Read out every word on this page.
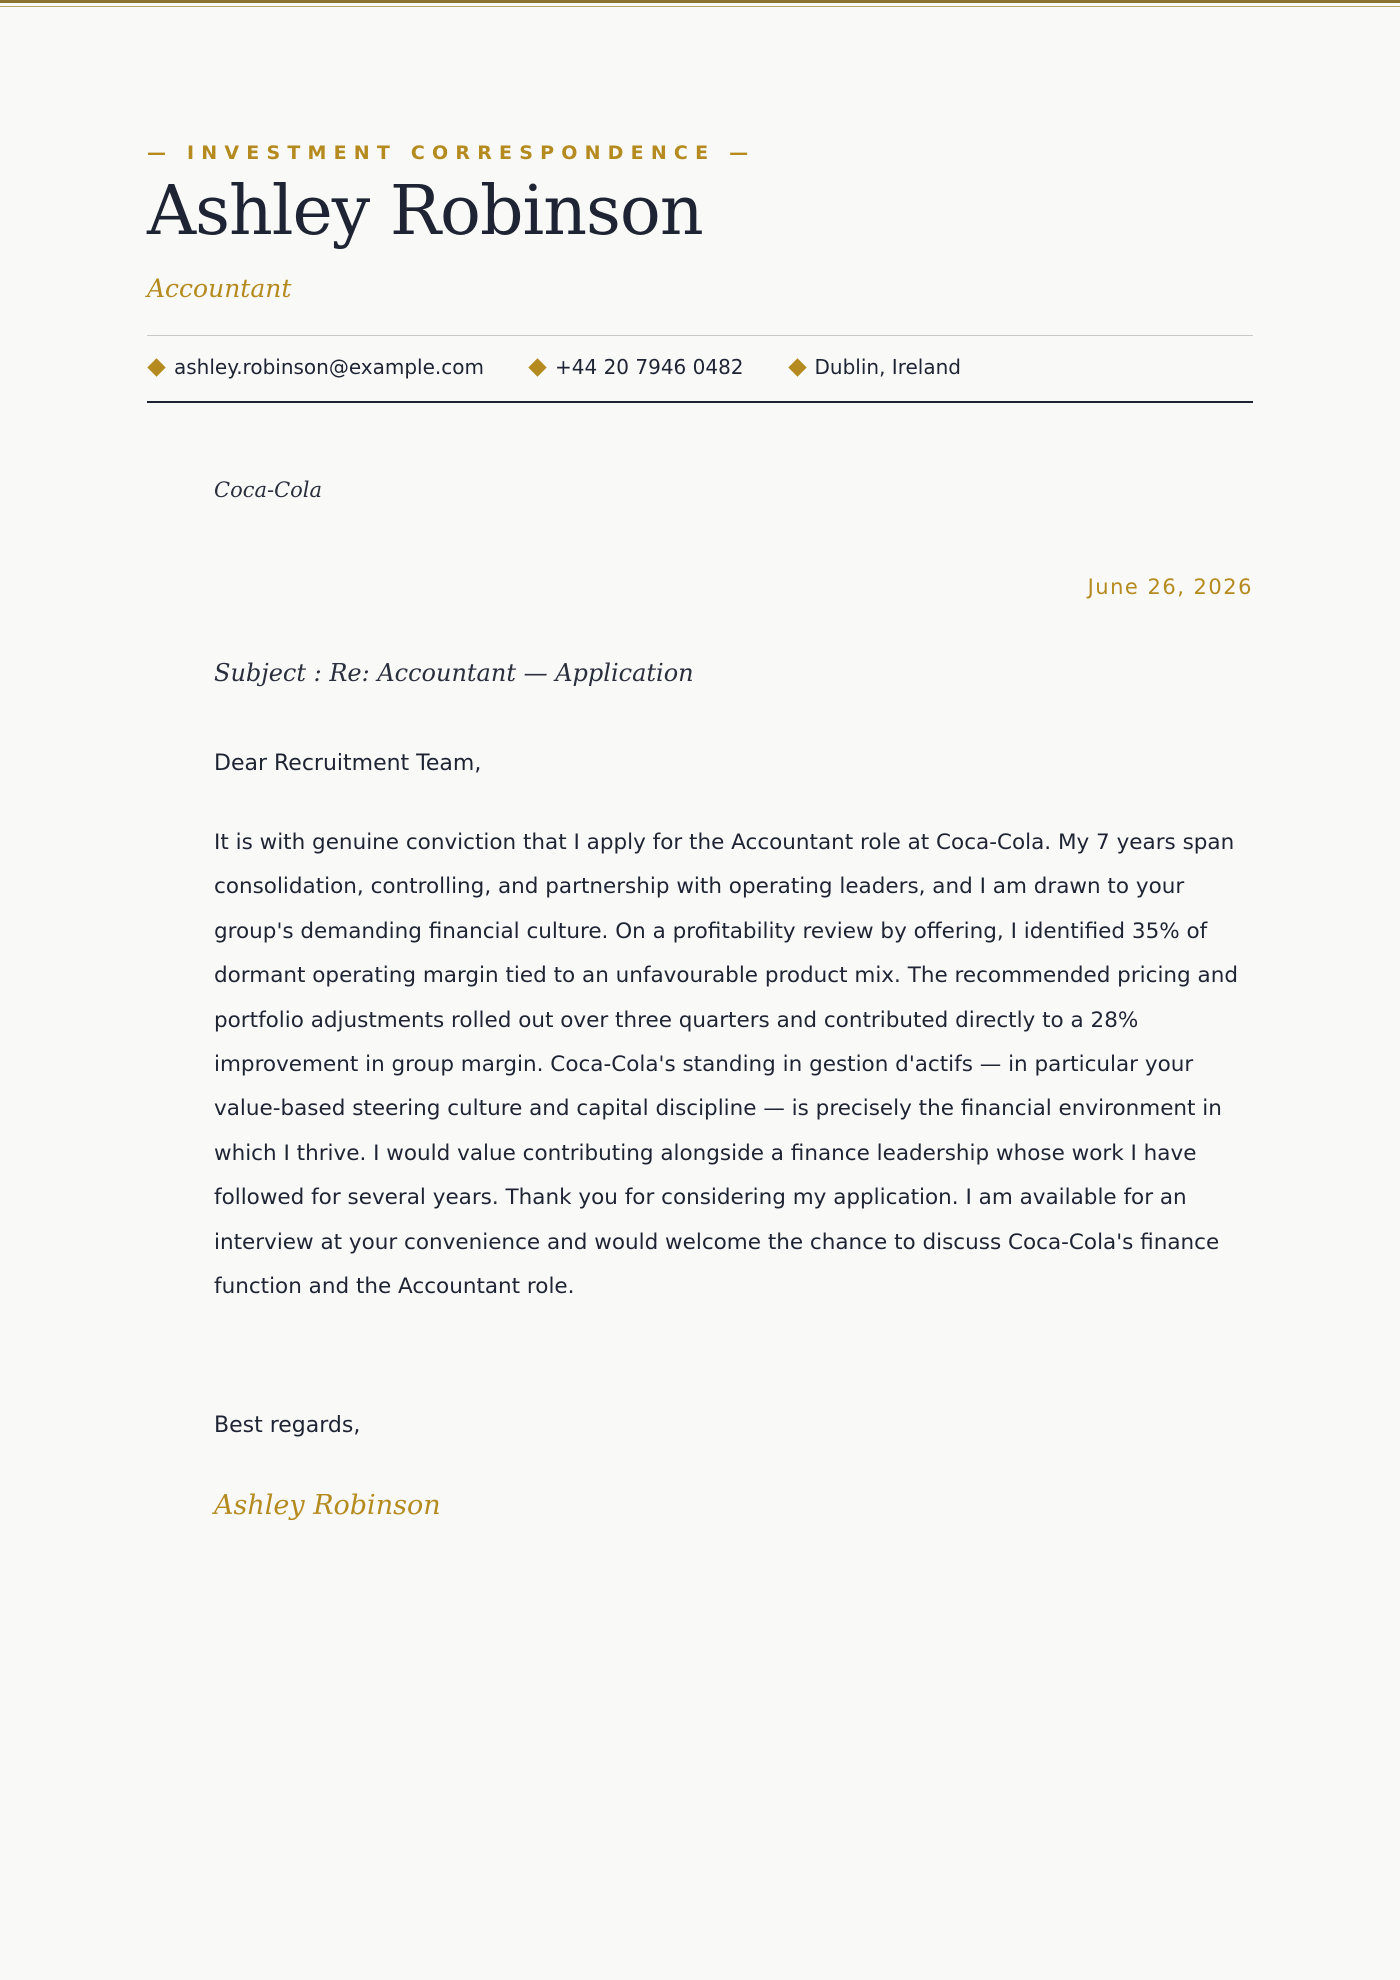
— INVESTMENT CORRESPONDENCE —
Ashley Robinson
Accountant
ashley.robinson@example.com	+44 20 7946 0482	Dublin, Ireland
Coca-Cola
June 26, 2026
Subject : Re: Accountant — Application
Dear Recruitment Team,
It is with genuine conviction that I apply for the Accountant role at Coca-Cola. My 7 years span consolidation, controlling, and partnership with operating leaders, and I am drawn to your group's demanding financial culture. On a profitability review by offering, I identified 35% of dormant operating margin tied to an unfavourable product mix. The recommended pricing and portfolio adjustments rolled out over three quarters and contributed directly to a 28% improvement in group margin. Coca-Cola's standing in gestion d'actifs — in particular your value-based steering culture and capital discipline — is precisely the financial environment in which I thrive. I would value contributing alongside a finance leadership whose work I have followed for several years. Thank you for considering my application. I am available for an interview at your convenience and would welcome the chance to discuss Coca-Cola's finance function and the Accountant role.
Best regards,
Ashley Robinson
